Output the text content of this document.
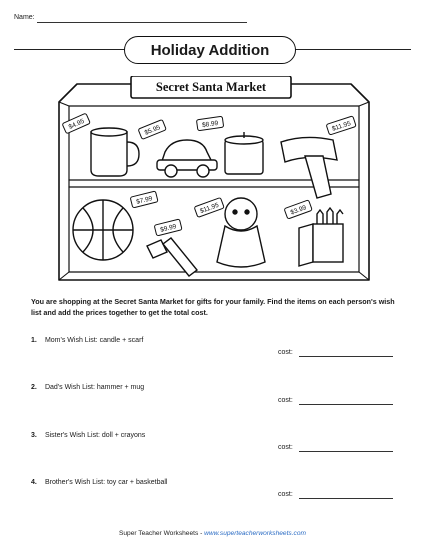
Name:
Holiday Addition
Secret Santa Market
$4.95	$5.95	$8.99	$11.95
$7.99
$11.95
$9.99
$3.99
You are shopping at the Secret Santa Market for gifts for your family. Find the items on each person's wish list and add the prices together to get the total cost.
1. Mom's Wish List: candle + scarf
cost:
2. Dad's Wish List: hammer + mug
cost:
3. Sister's Wish List: doll + crayons
cost:
4. Brother's Wish List: toy car + basketball
cost:
Super Teacher Worksheets - www.superteacherworksheets.com
